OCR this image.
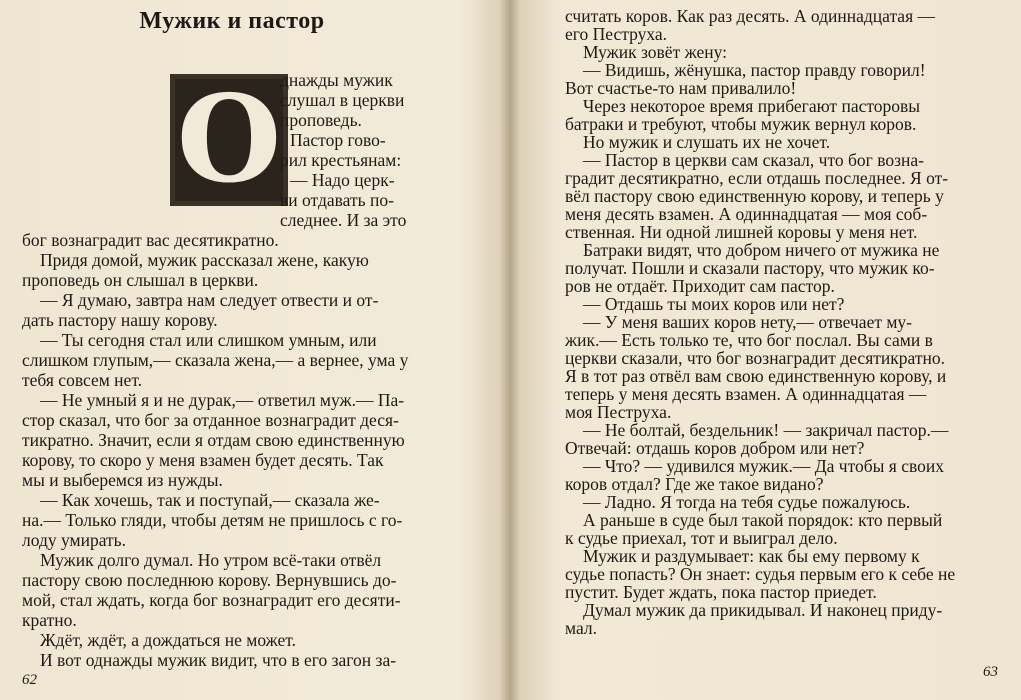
Мужик и пастор
О
днажды мужик
слушал в церкви
проповедь.
Пастор гово-
рил крестьянам:
— Надо церк-
ви отдавать по-
следнее. И за это
бог вознаградит вас десятикратно.
Придя домой, мужик рассказал жене, какую
проповедь он слышал в церкви.
— Я думаю, завтра нам следует отвести и от-
дать пастору нашу корову.
— Ты сегодня стал или слишком умным, или
слишком глупым,— сказала жена,— а вернее, ума у
тебя совсем нет.
— Не умный я и не дурак,— ответил муж.— Па-
стор сказал, что бог за отданное вознаградит деся-
тикратно. Значит, если я отдам свою единственную
корову, то скоро у меня взамен будет десять. Так
мы и выберемся из нужды.
— Как хочешь, так и поступай,— сказала же-
на.— Только гляди, чтобы детям не пришлось с го-
лоду умирать.
Мужик долго думал. Но утром всё-таки отвёл
пастору свою последнюю корову. Вернувшись до-
мой, стал ждать, когда бог вознаградит его десяти-
кратно.
Ждёт, ждёт, а дождаться не может.
И вот однажды мужик видит, что в его загон за-
62
считать коров. Как раз десять. А одиннадцатая —
его Пеструха.
Мужик зовёт жену:
— Видишь, жёнушка, пастор правду говорил!
Вот счастье-то нам привалило!
Через некоторое время прибегают пасторовы
батраки и требуют, чтобы мужик вернул коров.
Но мужик и слушать их не хочет.
— Пастор в церкви сам сказал, что бог возна-
градит десятикратно, если отдашь последнее. Я от-
вёл пастору свою единственную корову, и теперь у
меня десять взамен. А одиннадцатая — моя соб-
ственная. Ни одной лишней коровы у меня нет.
Батраки видят, что добром ничего от мужика не
получат. Пошли и сказали пастору, что мужик ко-
ров не отдаёт. Приходит сам пастор.
— Отдашь ты моих коров или нет?
— У меня ваших коров нету,— отвечает му-
жик.— Есть только те, что бог послал. Вы сами в
церкви сказали, что бог вознаградит десятикратно.
Я в тот раз отвёл вам свою единственную корову, и
теперь у меня десять взамен. А одиннадцатая —
моя Пеструха.
— Не болтай, бездельник! — закричал пастор.—
Отвечай: отдашь коров добром или нет?
— Что? — удивился мужик.— Да чтобы я своих
коров отдал? Где же такое видано?
— Ладно. Я тогда на тебя судье пожалуюсь.
А раньше в суде был такой порядок: кто первый
к судье приехал, тот и выиграл дело.
Мужик и раздумывает: как бы ему первому к
судье попасть? Он знает: судья первым его к себе не
пустит. Будет ждать, пока пастор приедет.
Думал мужик да прикидывал. И наконец приду-
мал.
63
